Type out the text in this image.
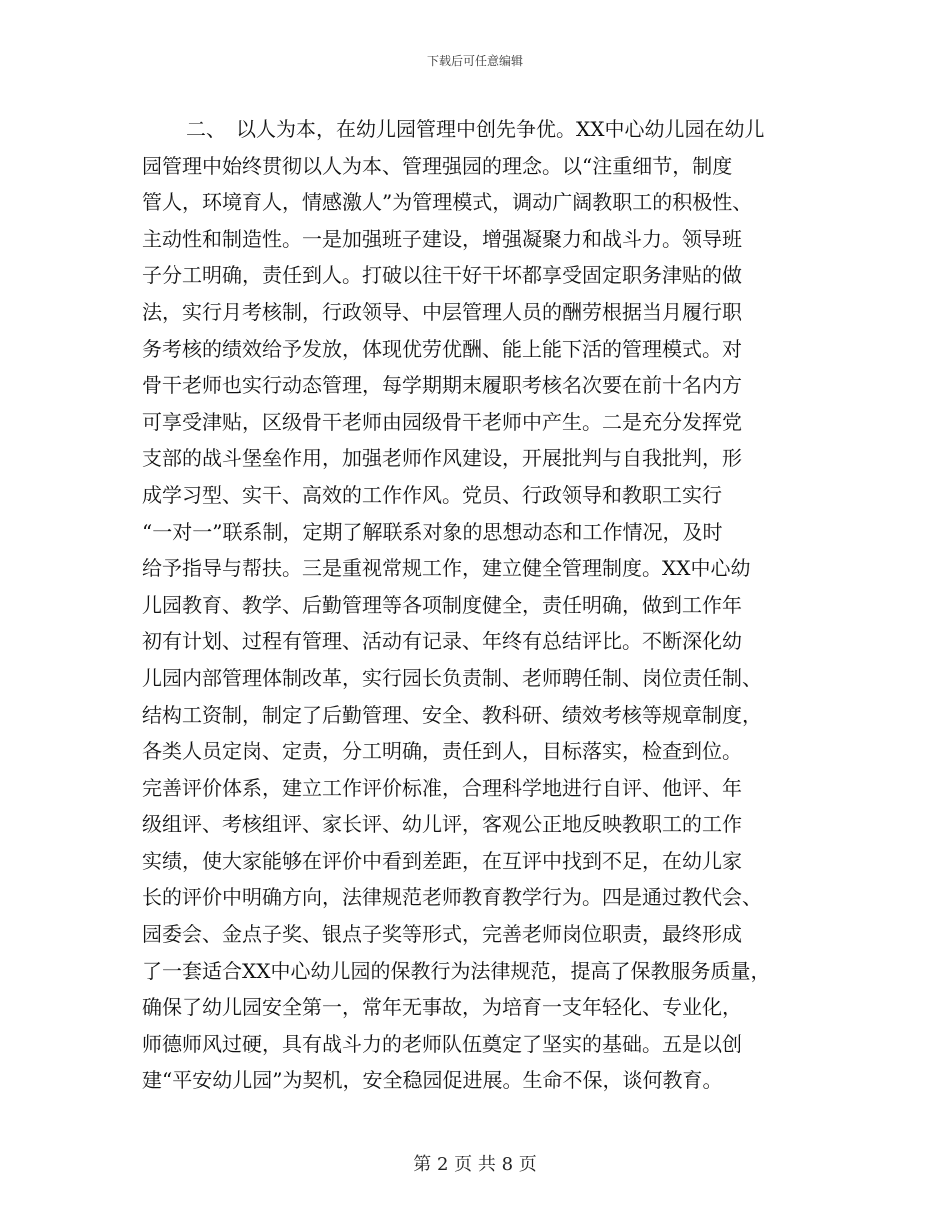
下载后可任意编辑
二、　以人为本，在幼儿园管理中创先争优。XX中心幼儿园在幼儿
园管理中始终贯彻以人为本、管理强园的理念。以“注重细节，制度
管人，环境育人，情感激人”为管理模式，调动广阔教职工的积极性、
主动性和制造性。一是加强班子建设，增强凝聚力和战斗力。领导班
子分工明确，责任到人。打破以往干好干坏都享受固定职务津贴的做
法，实行月考核制，行政领导、中层管理人员的酬劳根据当月履行职
务考核的绩效给予发放，体现优劳优酬、能上能下活的管理模式。对
骨干老师也实行动态管理，每学期期末履职考核名次要在前十名内方
可享受津贴，区级骨干老师由园级骨干老师中产生。二是充分发挥党
支部的战斗堡垒作用，加强老师作风建设，开展批判与自我批判，形
成学习型、实干、高效的工作作风。党员、行政领导和教职工实行
“一对一”联系制，定期了解联系对象的思想动态和工作情况，及时
给予指导与帮扶。三是重视常规工作，建立健全管理制度。XX中心幼
儿园教育、教学、后勤管理等各项制度健全，责任明确，做到工作年
初有计划、过程有管理、活动有记录、年终有总结评比。不断深化幼
儿园内部管理体制改革，实行园长负责制、老师聘任制、岗位责任制、
结构工资制，制定了后勤管理、安全、教科研、绩效考核等规章制度，
各类人员定岗、定责，分工明确，责任到人，目标落实，检查到位。
完善评价体系，建立工作评价标准，合理科学地进行自评、他评、年
级组评、考核组评、家长评、幼儿评，客观公正地反映教职工的工作
实绩，使大家能够在评价中看到差距，在互评中找到不足，在幼儿家
长的评价中明确方向，法律规范老师教育教学行为。四是通过教代会、
园委会、金点子奖、银点子奖等形式，完善老师岗位职责，最终形成
了一套适合XX中心幼儿园的保教行为法律规范，提高了保教服务质量，
确保了幼儿园安全第一，常年无事故，为培育一支年轻化、专业化，
师德师风过硬，具有战斗力的老师队伍奠定了坚实的基础。五是以创
建“平安幼儿园”为契机，安全稳园促进展。生命不保，谈何教育。
第 2 页 共 8 页
